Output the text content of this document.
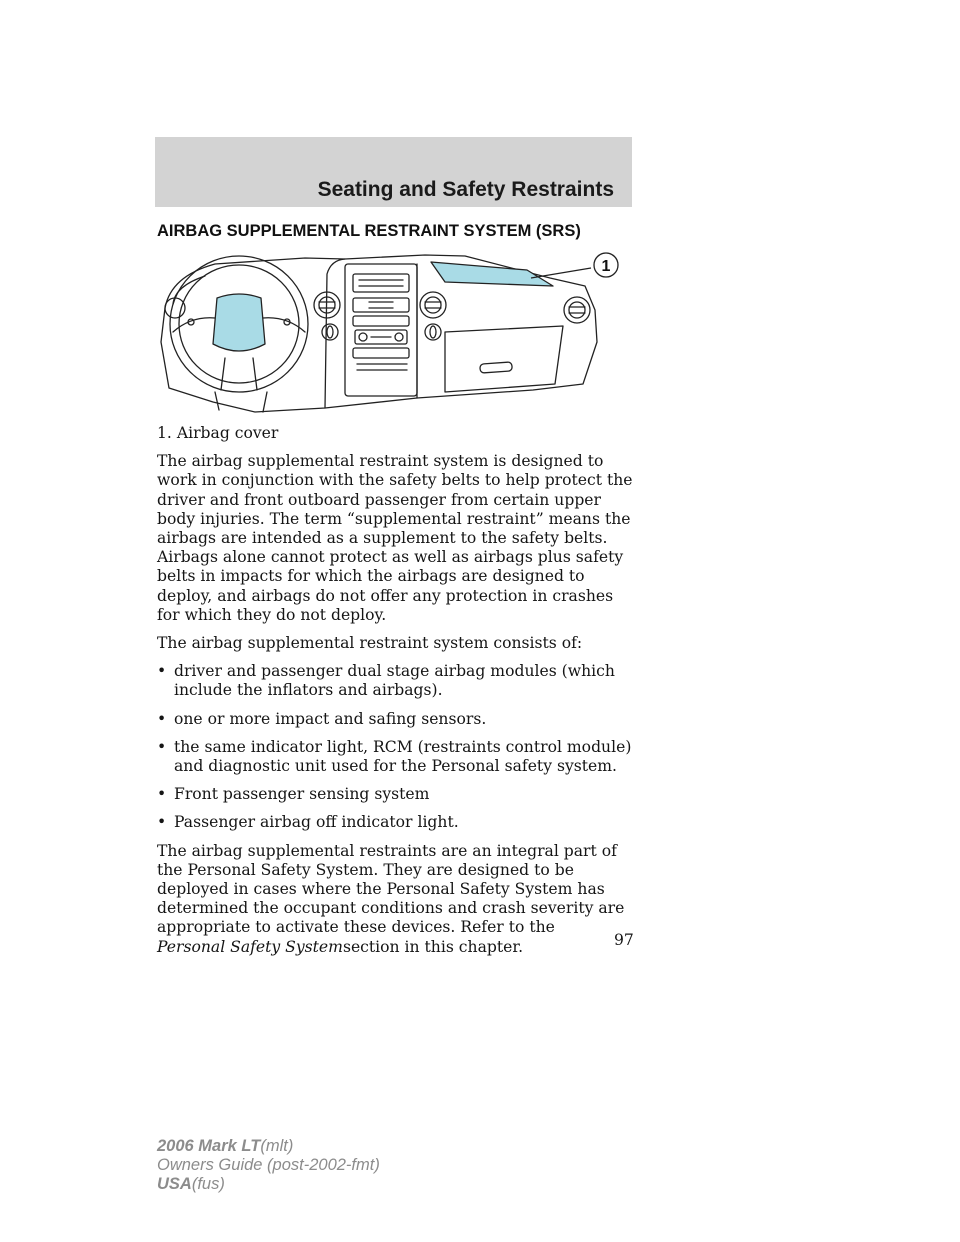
Seating and Safety Restraints
AIRBAG SUPPLEMENTAL RESTRAINT SYSTEM (SRS)
1

1. Airbag cover

The airbag supplemental restraint system is designed to work in conjunction with the safety belts to help protect the driver and front outboard passenger from certain upper body injuries. The term “supplemental restraint” means the airbags are intended as a supplement to the safety belts. Airbags alone cannot protect as well as airbags plus safety belts in impacts for which the airbags are designed to deploy, and airbags do not offer any protection in crashes for which they do not deploy.

The airbag supplemental restraint system consists of:

• driver and passenger dual stage airbag modules (which include the inflators and airbags).
• one or more impact and safing sensors.
• the same indicator light, RCM (restraints control module) and diagnostic unit used for the Personal safety system.
• Front passenger sensing system
• Passenger airbag off indicator light.

The airbag supplemental restraints are an integral part of the Personal Safety System. They are designed to be deployed in cases where the Personal Safety System has determined the occupant conditions and crash severity are appropriate to activate these devices. Refer to the
Personal Safety Systemsection in this chapter.	97
2006 Mark LT(mlt)
Owners Guide (post-2002-fmt)
USA(fus)
